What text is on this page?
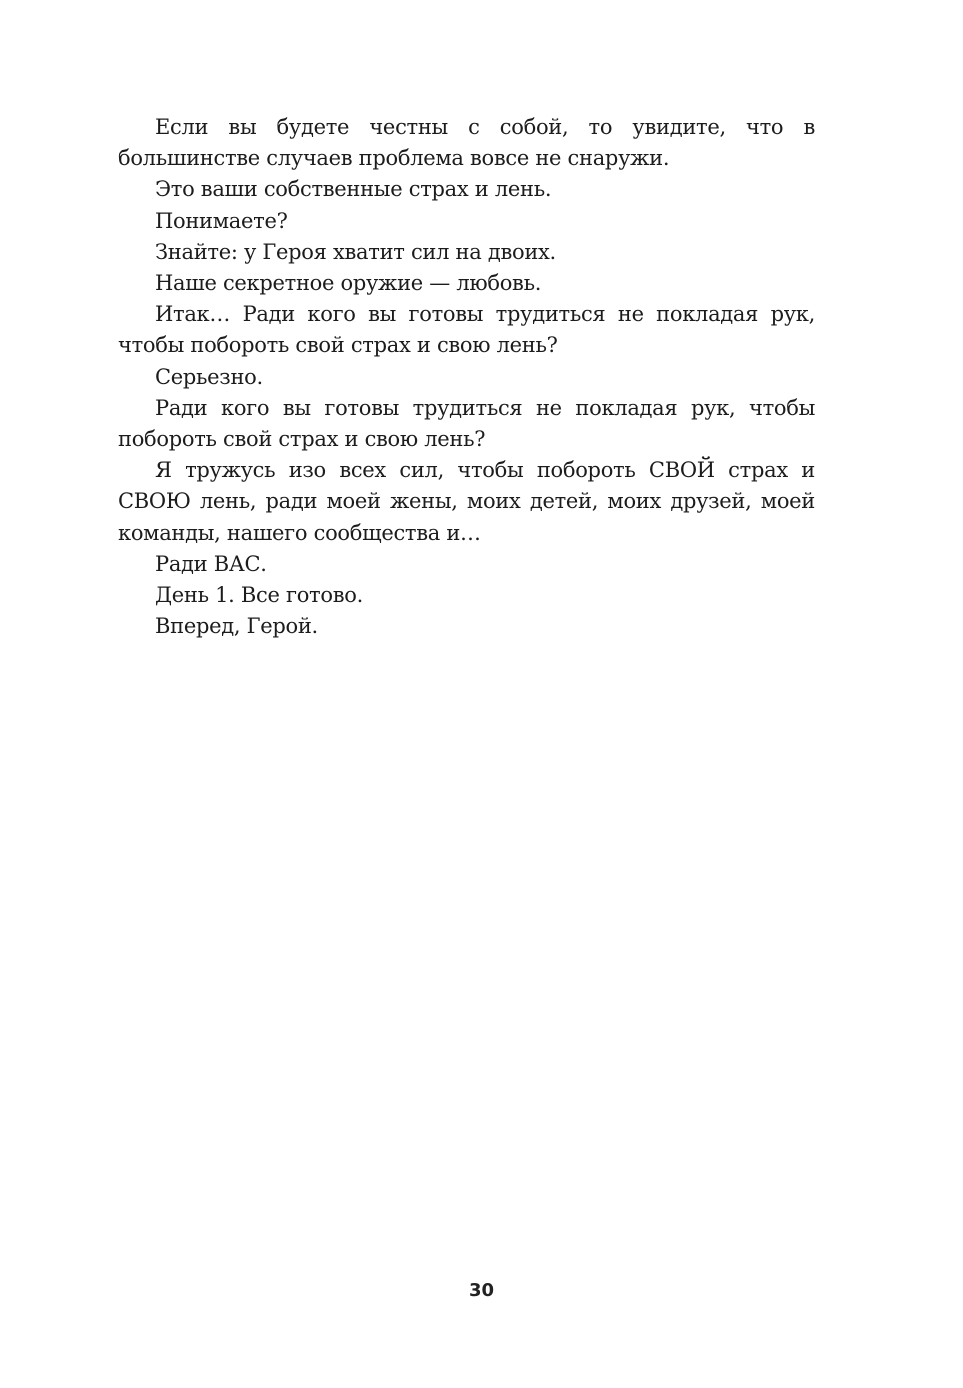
Если вы будете честны с собой, то увидите, что в большинстве случаев проблема вовсе не снаружи.

Это ваши собственные страх и лень.

Понимаете?

Знайте: у Героя хватит сил на двоих.

Наше секретное оружие — любовь.

Итак… Ради кого вы готовы трудиться не покладая рук, чтобы побороть свой страх и свою лень?

Серьезно.

Ради кого вы готовы трудиться не покладая рук, чтобы побороть свой страх и свою лень?

Я тружусь изо всех сил, чтобы побороть СВОЙ страх и СВОЮ лень, ради моей жены, моих детей, моих друзей, моей команды, нашего сообщества и…

Ради ВАС.

День 1. Все готово.

Вперед, Герой.

30
